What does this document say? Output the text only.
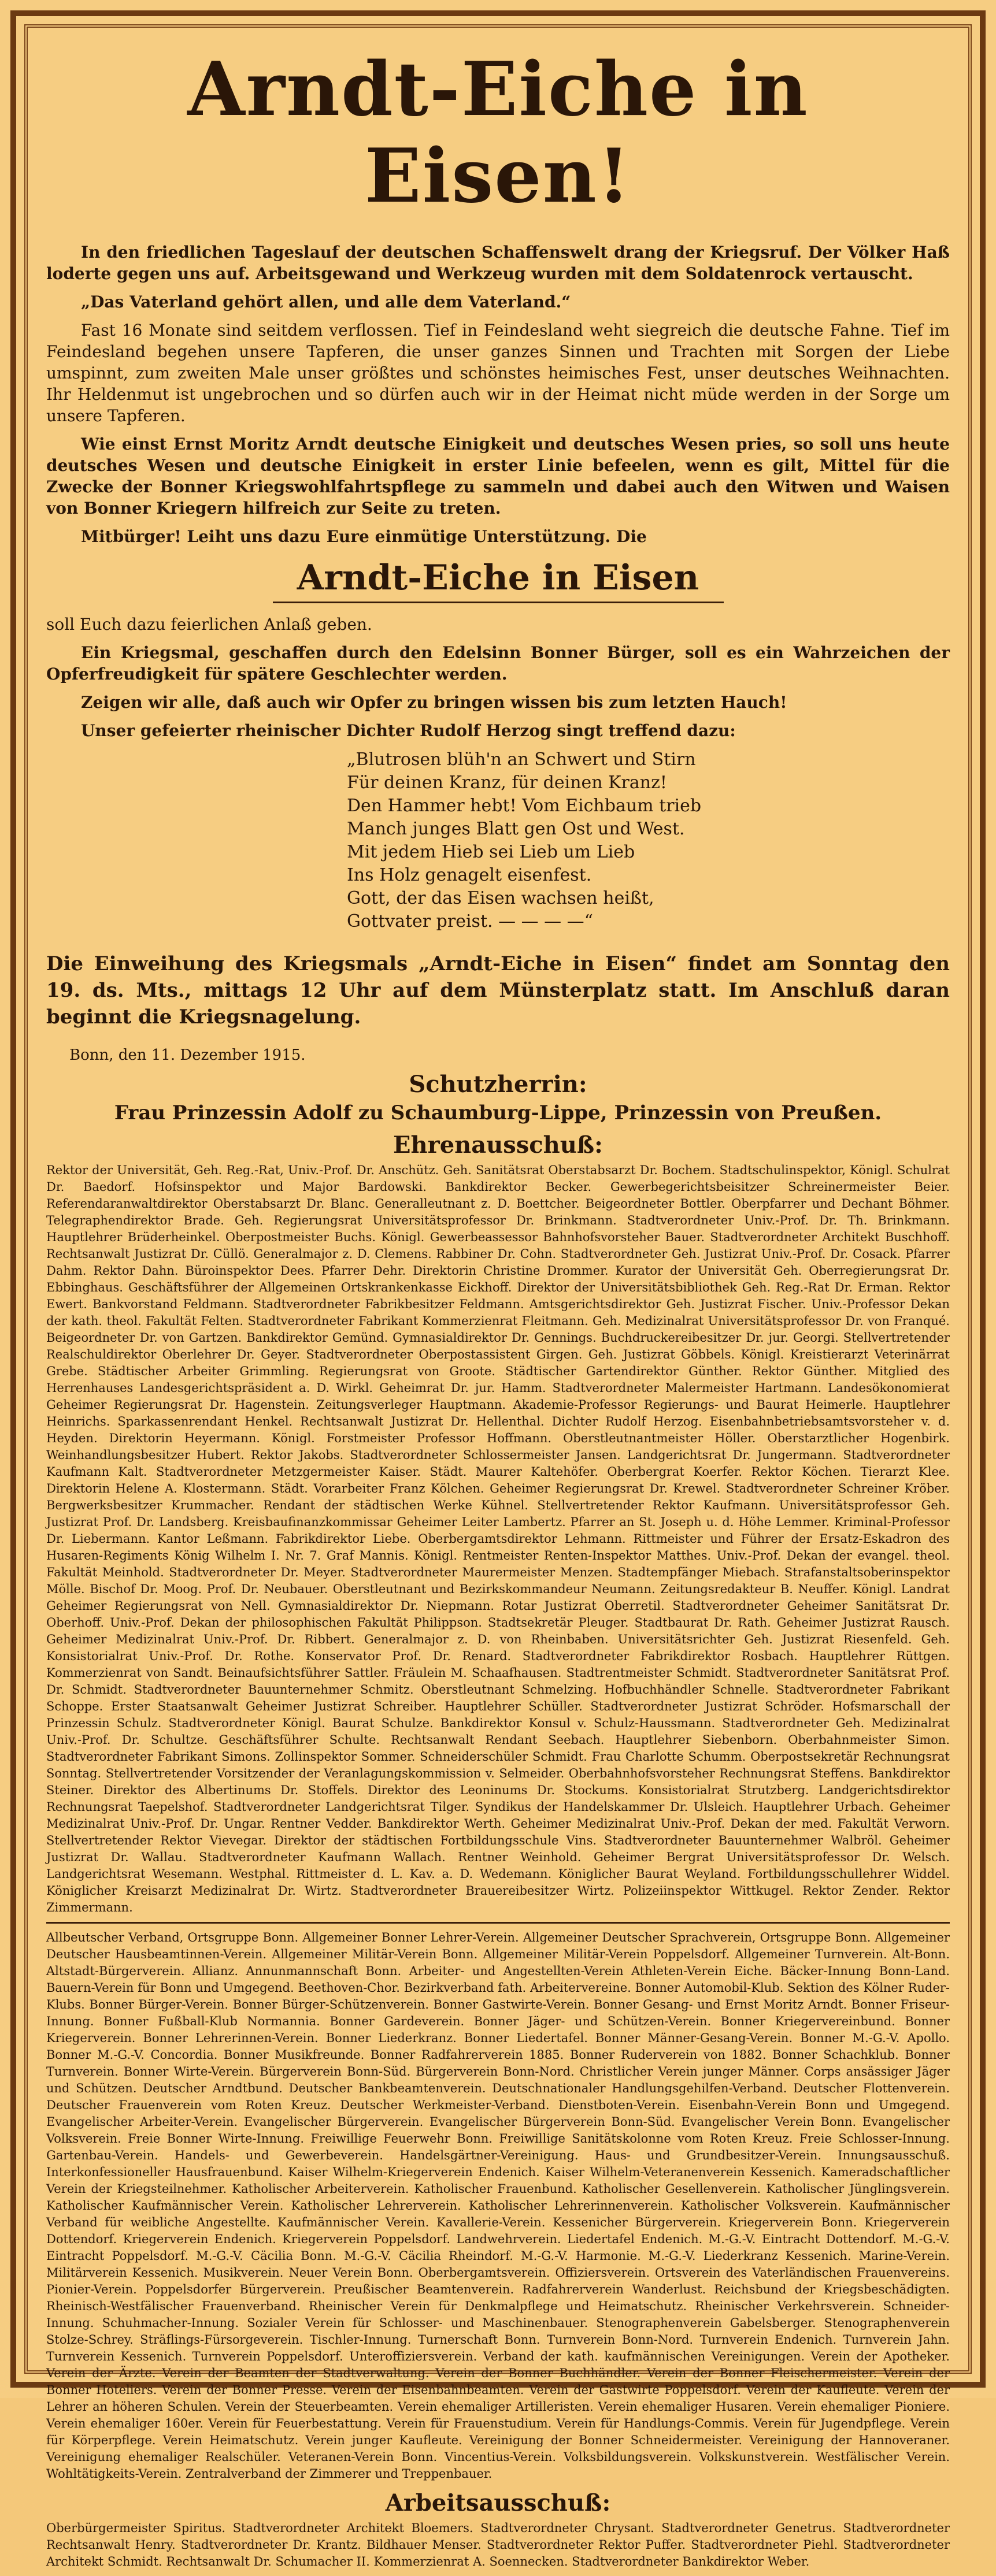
Arndt-Eiche in Eisen!

In den friedlichen Tageslauf der deutschen Schaffenswelt drang der Kriegsruf. Der Völker Haß loderte gegen uns auf. Arbeitsgewand und Werkzeug wurden mit dem Soldatenrock vertauscht.

„Das Vaterland gehört allen, und alle dem Vaterland.“

Fast 16 Monate sind seitdem verflossen. Tief in Feindesland weht siegreich die deutsche Fahne. Tief im Feindesland begehen unsere Tapferen, die unser ganzes Sinnen und Trachten mit Sorgen der Liebe umspinnt, zum zweiten Male unser größtes und schönstes heimisches Fest, unser deutsches Weihnachten. Ihr Heldenmut ist ungebrochen und so dürfen auch wir in der Heimat nicht müde werden in der Sorge um unsere Tapferen.

Wie einst Ernst Moritz Arndt deutsche Einigkeit und deutsches Wesen pries, so soll uns heute deutsches Wesen und deutsche Einigkeit in erster Linie befeelen, wenn es gilt, Mittel für die Zwecke der Bonner Kriegswohlfahrtspflege zu sammeln und dabei auch den Witwen und Waisen von Bonner Kriegern hilfreich zur Seite zu treten.

Mitbürger! Leiht uns dazu Eure einmütige Unterstützung. Die

Arndt-Eiche in Eisen

soll Euch dazu feierlichen Anlaß geben.

Ein Kriegsmal, geschaffen durch den Edelsinn Bonner Bürger, soll es ein Wahrzeichen der Opferfreudigkeit für spätere Geschlechter werden.

Zeigen wir alle, daß auch wir Opfer zu bringen wissen bis zum letzten Hauch!

Unser gefeierter rheinischer Dichter Rudolf Herzog singt treffend dazu:

„Blutrosen blüh'n an Schwert und Stirn
Für deinen Kranz, für deinen Kranz!
Den Hammer hebt! Vom Eichbaum trieb
Manch junges Blatt gen Ost und West.
Mit jedem Hieb sei Lieb um Lieb
Ins Holz genagelt eisenfest.
Gott, der das Eisen wachsen heißt,
Gottvater preist. — — — —“
Die Einweihung des Kriegsmals „Arndt-Eiche in Eisen“ findet am Sonntag den 19. ds. Mts., mittags 12 Uhr auf dem Münsterplatz statt. Im Anschluß daran beginnt die Kriegsnagelung.
Bonn, den 11. Dezember 1915.
Schutzherrin:
Frau Prinzessin Adolf zu Schaumburg-Lippe, Prinzessin von Preußen.
Ehrenausschuß:

Rektor der Universität, Geh. Reg.-Rat, Univ.-Prof. Dr. Anschütz. Geh. Sanitätsrat Oberstabsarzt Dr. Bochem. Stadtschulinspektor, Königl. Schulrat Dr. Baedorf. Hofsinspektor und Major Bardowski. Bankdirektor Becker. Gewerbegerichtsbeisitzer Schreinermeister Beier. Referendaranwaltdirektor Oberstabsarzt Dr. Blanc. Generalleutnant z. D. Boettcher. Beigeordneter Bottler. Oberpfarrer und Dechant Böhmer. Telegraphendirektor Brade. Geh. Regierungsrat Universitätsprofessor Dr. Brinkmann. Stadtverordneter Univ.-Prof. Dr. Th. Brinkmann. Hauptlehrer Brüderheinkel. Oberpostmeister Buchs. Königl. Gewerbeassessor Bahnhofsvorsteher Bauer. Stadtverordneter Architekt Buschhoff. Rechtsanwalt Justizrat Dr. Cüllö. Generalmajor z. D. Clemens. Rabbiner Dr. Cohn. Stadtverordneter Geh. Justizrat Univ.-Prof. Dr. Cosack. Pfarrer Dahm. Rektor Dahn. Büroinspektor Dees. Pfarrer Dehr. Direktorin Christine Drommer. Kurator der Universität Geh. Oberregierungsrat Dr. Ebbinghaus. Geschäftsführer der Allgemeinen Ortskrankenkasse Eickhoff. Direktor der Universitätsbibliothek Geh. Reg.-Rat Dr. Erman. Rektor Ewert. Bankvorstand Feldmann. Stadtverordneter Fabrikbesitzer Feldmann. Amtsgerichtsdirektor Geh. Justizrat Fischer. Univ.-Professor Dekan der kath. theol. Fakultät Felten. Stadtverordneter Fabrikant Kommerzienrat Fleitmann. Geh. Medizinalrat Universitätsprofessor Dr. von Franqué. Beigeordneter Dr. von Gartzen. Bankdirektor Gemünd. Gymnasialdirektor Dr. Gennings. Buchdruckereibesitzer Dr. jur. Georgi. Stellvertretender Realschuldirektor Oberlehrer Dr. Geyer. Stadtverordneter Oberpostassistent Girgen. Geh. Justizrat Göbbels. Königl. Kreistierarzt Veterinärrat Grebe. Städtischer Arbeiter Grimmling. Regierungsrat von Groote. Städtischer Gartendirektor Günther. Rektor Günther. Mitglied des Herrenhauses Landesgerichtspräsident a. D. Wirkl. Geheimrat Dr. jur. Hamm. Stadtverordneter Malermeister Hartmann. Landesökonomierat Geheimer Regierungsrat Dr. Hagenstein. Zeitungsverleger Hauptmann. Akademie-Professor Regierungs- und Baurat Heimerle. Hauptlehrer Heinrichs. Sparkassenrendant Henkel. Rechtsanwalt Justizrat Dr. Hellenthal. Dichter Rudolf Herzog. Eisenbahnbetriebsamtsvorsteher v. d. Heyden. Direktorin Heyermann. Königl. Forstmeister Professor Hoffmann. Oberstleutnantmeister Höller. Oberstarztlicher Hogenbirk. Weinhandlungsbesitzer Hubert. Rektor Jakobs. Stadtverordneter Schlossermeister Jansen. Landgerichtsrat Dr. Jungermann. Stadtverordneter Kaufmann Kalt. Stadtverordneter Metzgermeister Kaiser. Städt. Maurer Kaltehöfer. Oberbergrat Koerfer. Rektor Köchen. Tierarzt Klee. Direktorin Helene A. Klostermann. Städt. Vorarbeiter Franz Kölchen. Geheimer Regierungsrat Dr. Krewel. Stadtverordneter Schreiner Kröber. Bergwerksbesitzer Krummacher. Rendant der städtischen Werke Kühnel. Stellvertretender Rektor Kaufmann. Universitätsprofessor Geh. Justizrat Prof. Dr. Landsberg. Kreisbaufinanzkommissar Geheimer Leiter Lambertz. Pfarrer an St. Joseph u. d. Höhe Lemmer. Kriminal-Professor Dr. Liebermann. Kantor Leßmann. Fabrikdirektor Liebe. Oberbergamtsdirektor Lehmann. Rittmeister und Führer der Ersatz-Eskadron des Husaren-Regiments König Wilhelm I. Nr. 7. Graf Mannis. Königl. Rentmeister Renten-Inspektor Matthes. Univ.-Prof. Dekan der evangel. theol. Fakultät Meinhold. Stadtverordneter Dr. Meyer. Stadtverordneter Maurermeister Menzen. Stadtempfänger Miebach. Strafanstaltsoberinspektor Mölle. Bischof Dr. Moog. Prof. Dr. Neubauer. Oberstleutnant und Bezirkskommandeur Neumann. Zeitungsredakteur B. Neuffer. Königl. Landrat Geheimer Regierungsrat von Nell. Gymnasialdirektor Dr. Niepmann. Rotar Justizrat Oberretil. Stadtverordneter Geheimer Sanitätsrat Dr. Oberhoff. Univ.-Prof. Dekan der philosophischen Fakultät Philippson. Stadtsekretär Pleuger. Stadtbaurat Dr. Rath. Geheimer Justizrat Rausch. Geheimer Medizinalrat Univ.-Prof. Dr. Ribbert. Generalmajor z. D. von Rheinbaben. Universitätsrichter Geh. Justizrat Riesenfeld. Geh. Konsistorialrat Univ.-Prof. Dr. Rothe. Konservator Prof. Dr. Renard. Stadtverordneter Fabrikdirektor Rosbach. Hauptlehrer Rüttgen. Kommerzienrat von Sandt. Beinaufsichtsführer Sattler. Fräulein M. Schaafhausen. Stadtrentmeister Schmidt. Stadtverordneter Sanitätsrat Prof. Dr. Schmidt. Stadtverordneter Bauunternehmer Schmitz. Oberstleutnant Schmelzing. Hofbuchhändler Schnelle. Stadtverordneter Fabrikant Schoppe. Erster Staatsanwalt Geheimer Justizrat Schreiber. Hauptlehrer Schüller. Stadtverordneter Justizrat Schröder. Hofsmarschall der Prinzessin Schulz. Stadtverordneter Königl. Baurat Schulze. Bankdirektor Konsul v. Schulz-Haussmann. Stadtverordneter Geh. Medizinalrat Univ.-Prof. Dr. Schultze. Geschäftsführer Schulte. Rechtsanwalt Rendant Seebach. Hauptlehrer Siebenborn. Oberbahnmeister Simon. Stadtverordneter Fabrikant Simons. Zollinspektor Sommer. Schneiderschüler Schmidt. Frau Charlotte Schumm. Oberpostsekretär Rechnungsrat Sonntag. Stellvertretender Vorsitzender der Veranlagungskommission v. Selmeider. Oberbahnhofsvorsteher Rechnungsrat Steffens. Bankdirektor Steiner. Direktor des Albertinums Dr. Stoffels. Direktor des Leoninums Dr. Stockums. Konsistorialrat Strutzberg. Landgerichtsdirektor Rechnungsrat Taepelshof. Stadtverordneter Landgerichtsrat Tilger. Syndikus der Handelskammer Dr. Ulsleich. Hauptlehrer Urbach. Geheimer Medizinalrat Univ.-Prof. Dr. Ungar. Rentner Vedder. Bankdirektor Werth. Geheimer Medizinalrat Univ.-Prof. Dekan der med. Fakultät Verworn. Stellvertretender Rektor Vievegar. Direktor der städtischen Fortbildungsschule Vins. Stadtverordneter Bauunternehmer Walbröl. Geheimer Justizrat Dr. Wallau. Stadtverordneter Kaufmann Wallach. Rentner Weinhold. Geheimer Bergrat Universitätsprofessor Dr. Welsch. Landgerichtsrat Wesemann. Westphal. Rittmeister d. L. Kav. a. D. Wedemann. Königlicher Baurat Weyland. Fortbildungsschullehrer Widdel. Königlicher Kreisarzt Medizinalrat Dr. Wirtz. Stadtverordneter Brauereibesitzer Wirtz. Polizeiinspektor Wittkugel. Rektor Zender. Rektor Zimmermann.

Allbeutscher Verband, Ortsgruppe Bonn. Allgemeiner Bonner Lehrer-Verein. Allgemeiner Deutscher Sprachverein, Ortsgruppe Bonn. Allgemeiner Deutscher Hausbeamtinnen-Verein. Allgemeiner Militär-Verein Bonn. Allgemeiner Militär-Verein Poppelsdorf. Allgemeiner Turnverein. Alt-Bonn. Altstadt-Bürgerverein. Allianz. Annunmannschaft Bonn. Arbeiter- und Angestellten-Verein Athleten-Verein Eiche. Bäcker-Innung Bonn-Land. Bauern-Verein für Bonn und Umgegend. Beethoven-Chor. Bezirkverband fath. Arbeitervereine. Bonner Automobil-Klub. Sektion des Kölner Ruder-Klubs. Bonner Bürger-Verein. Bonner Bürger-Schützenverein. Bonner Gastwirte-Verein. Bonner Gesang- und Ernst Moritz Arndt. Bonner Friseur-Innung. Bonner Fußball-Klub Normannia. Bonner Gardeverein. Bonner Jäger- und Schützen-Verein. Bonner Kriegervereinbund. Bonner Kriegerverein. Bonner Lehrerinnen-Verein. Bonner Liederkranz. Bonner Liedertafel. Bonner Männer-Gesang-Verein. Bonner M.-G.-V. Apollo. Bonner M.-G.-V. Concordia. Bonner Musikfreunde. Bonner Radfahrerverein 1885. Bonner Ruderverein von 1882. Bonner Schachklub. Bonner Turnverein. Bonner Wirte-Verein. Bürgerverein Bonn-Süd. Bürgerverein Bonn-Nord. Christlicher Verein junger Männer. Corps ansässiger Jäger und Schützen. Deutscher Arndtbund. Deutscher Bankbeamtenverein. Deutschnationaler Handlungsgehilfen-Verband. Deutscher Flottenverein. Deutscher Frauenverein vom Roten Kreuz. Deutscher Werkmeister-Verband. Dienstboten-Verein. Eisenbahn-Verein Bonn und Umgegend. Evangelischer Arbeiter-Verein. Evangelischer Bürgerverein. Evangelischer Bürgerverein Bonn-Süd. Evangelischer Verein Bonn. Evangelischer Volksverein. Freie Bonner Wirte-Innung. Freiwillige Feuerwehr Bonn. Freiwillige Sanitätskolonne vom Roten Kreuz. Freie Schlosser-Innung. Gartenbau-Verein. Handels- und Gewerbeverein. Handelsgärtner-Vereinigung. Haus- und Grundbesitzer-Verein. Innungsausschuß. Interkonfessioneller Hausfrauenbund. Kaiser Wilhelm-Kriegerverein Endenich. Kaiser Wilhelm-Veteranenverein Kessenich. Kameradschaftlicher Verein der Kriegsteilnehmer. Katholischer Arbeiterverein. Katholischer Frauenbund. Katholischer Gesellenverein. Katholischer Jünglingsverein. Katholischer Kaufmännischer Verein. Katholischer Lehrerverein. Katholischer Lehrerinnenverein. Katholischer Volksverein. Kaufmännischer Verband für weibliche Angestellte. Kaufmännischer Verein. Kavallerie-Verein. Kessenicher Bürgerverein. Kriegerverein Bonn. Kriegerverein Dottendorf. Kriegerverein Endenich. Kriegerverein Poppelsdorf. Landwehrverein. Liedertafel Endenich. M.-G.-V. Eintracht Dottendorf. M.-G.-V. Eintracht Poppelsdorf. M.-G.-V. Cäcilia Bonn. M.-G.-V. Cäcilia Rheindorf. M.-G.-V. Harmonie. M.-G.-V. Liederkranz Kessenich. Marine-Verein. Militärverein Kessenich. Musikverein. Neuer Verein Bonn. Oberbergamtsverein. Offiziersverein. Ortsverein des Vaterländischen Frauenvereins. Pionier-Verein. Poppelsdorfer Bürgerverein. Preußischer Beamtenverein. Radfahrerverein Wanderlust. Reichsbund der Kriegsbeschädigten. Rheinisch-Westfälischer Frauenverband. Rheinischer Verein für Denkmalpflege und Heimatschutz. Rheinischer Verkehrsverein. Schneider-Innung. Schuhmacher-Innung. Sozialer Verein für Schlosser- und Maschinenbauer. Stenographenverein Gabelsberger. Stenographenverein Stolze-Schrey. Sträflings-Fürsorgeverein. Tischler-Innung. Turnerschaft Bonn. Turnverein Bonn-Nord. Turnverein Endenich. Turnverein Jahn. Turnverein Kessenich. Turnverein Poppelsdorf. Unteroffiziersverein. Verband der kath. kaufmännischen Vereinigungen. Verein der Apotheker. Verein der Ärzte. Verein der Beamten der Stadtverwaltung. Verein der Bonner Buchhändler. Verein der Bonner Fleischermeister. Verein der Bonner Hoteliers. Verein der Bonner Presse. Verein der Eisenbahnbeamten. Verein der Gastwirte Poppelsdorf. Verein der Kaufleute. Verein der Lehrer an höheren Schulen. Verein der Steuerbeamten. Verein ehemaliger Artilleristen. Verein ehemaliger Husaren. Verein ehemaliger Pioniere. Verein ehemaliger 160er. Verein für Feuerbestattung. Verein für Frauenstudium. Verein für Handlungs-Commis. Verein für Jugendpflege. Verein für Körperpflege. Verein Heimatschutz. Verein junger Kaufleute. Vereinigung der Bonner Schneidermeister. Vereinigung der Hannoveraner. Vereinigung ehemaliger Realschüler. Veteranen-Verein Bonn. Vincentius-Verein. Volksbildungsverein. Volkskunstverein. Westfälischer Verein. Wohltätigkeits-Verein. Zentralverband der Zimmerer und Treppenbauer.

Arbeitsausschuß:

Oberbürgermeister Spiritus. Stadtverordneter Architekt Bloemers. Stadtverordneter Chrysant. Stadtverordneter Genetrus. Stadtverordneter Rechtsanwalt Henry. Stadtverordneter Dr. Krantz. Bildhauer Menser. Stadtverordneter Rektor Puffer. Stadtverordneter Piehl. Stadtverordneter Architekt Schmidt. Rechtsanwalt Dr. Schumacher II. Kommerzienrat A. Soennecken. Stadtverordneter Bankdirektor Weber.
